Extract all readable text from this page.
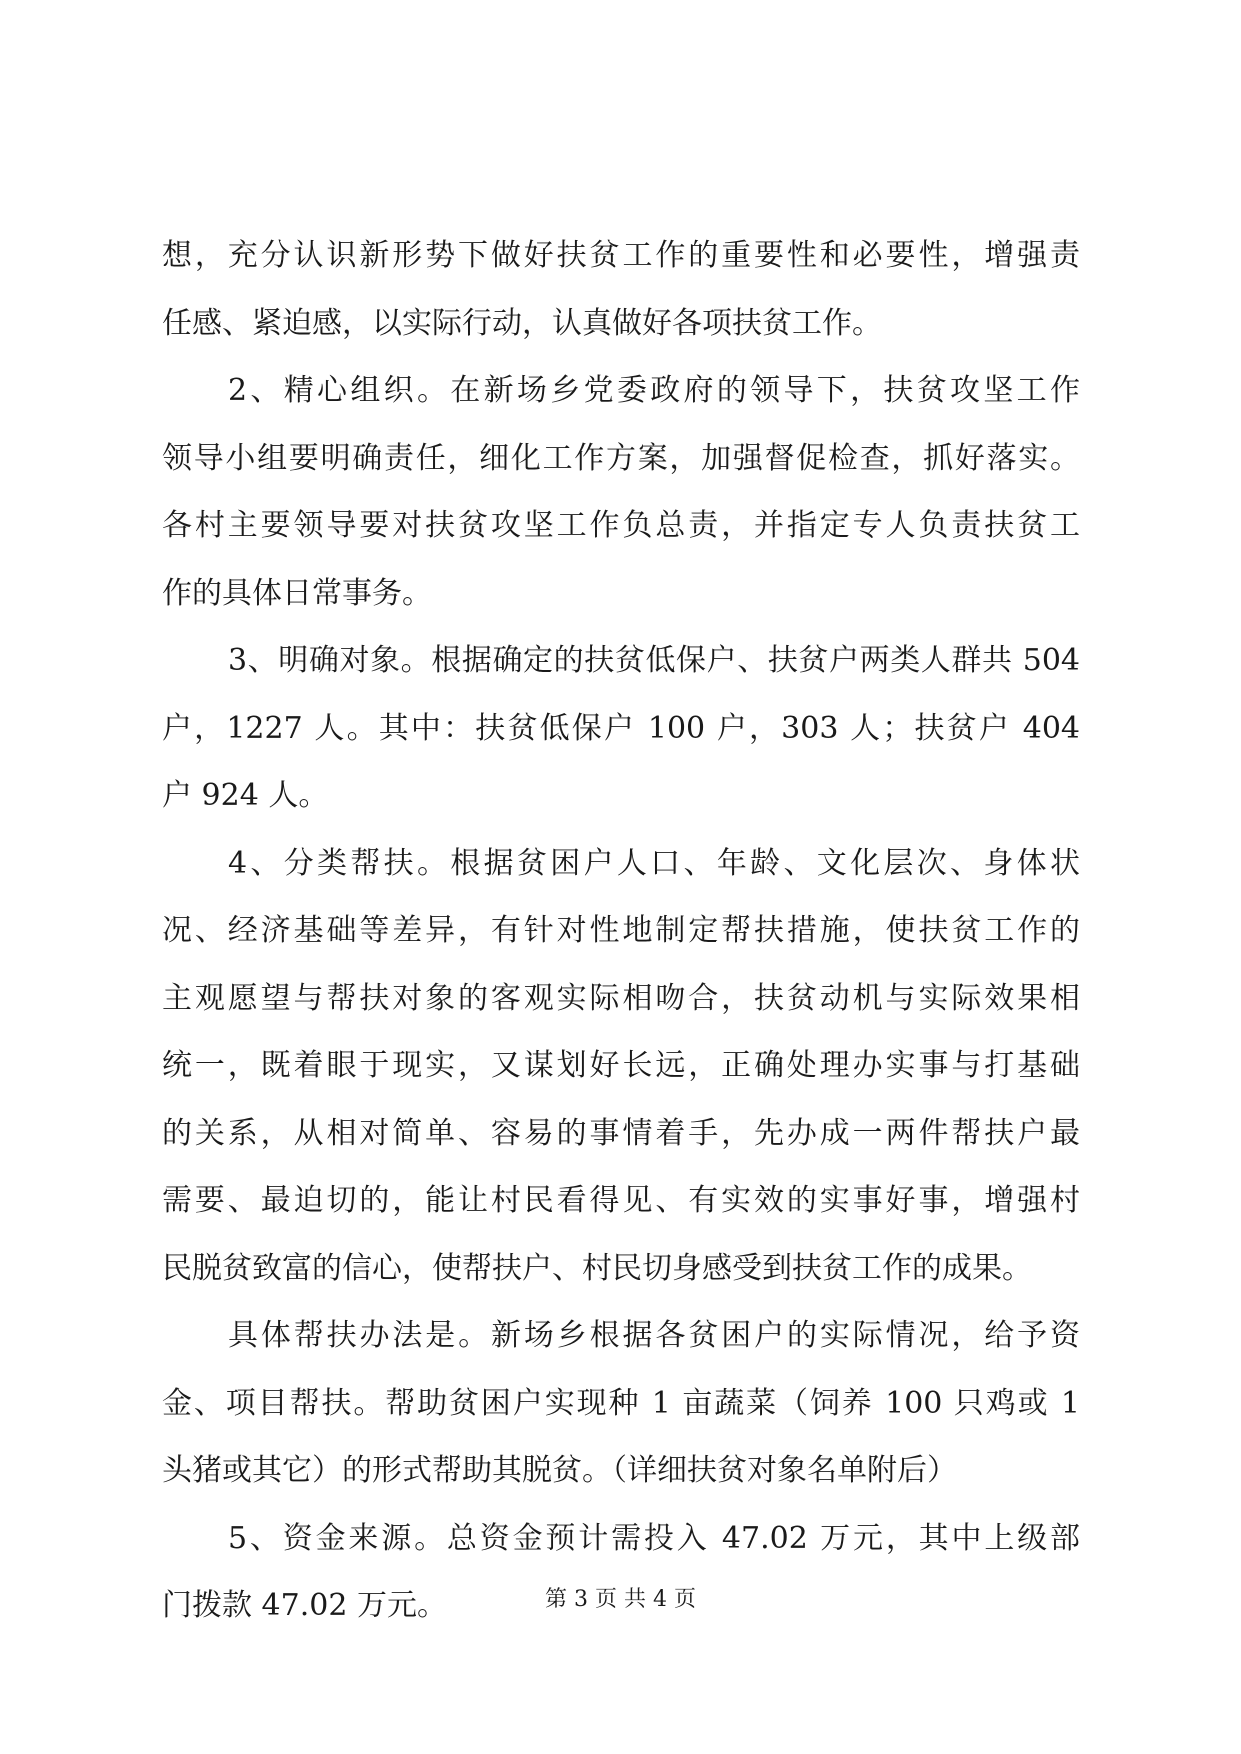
想，充分认识新形势下做好扶贫工作的重要性和必要性，增强责
任感、紧迫感，以实际行动，认真做好各项扶贫工作。
2、精心组织。在新场乡党委政府的领导下，扶贫攻坚工作
领导小组要明确责任，细化工作方案，加强督促检查，抓好落实。
各村主要领导要对扶贫攻坚工作负总责，并指定专人负责扶贫工
作的具体日常事务。
3、明确对象。根据确定的扶贫低保户、扶贫户两类人群共 504
户，1227 人。其中：扶贫低保户 100 户，303 人；扶贫户 404
户 924 人。
4、分类帮扶。根据贫困户人口、年龄、文化层次、身体状
况、经济基础等差异，有针对性地制定帮扶措施，使扶贫工作的
主观愿望与帮扶对象的客观实际相吻合，扶贫动机与实际效果相
统一，既着眼于现实，又谋划好长远，正确处理办实事与打基础
的关系，从相对简单、容易的事情着手，先办成一两件帮扶户最
需要、最迫切的，能让村民看得见、有实效的实事好事，增强村
民脱贫致富的信心，使帮扶户、村民切身感受到扶贫工作的成果。
具体帮扶办法是。新场乡根据各贫困户的实际情况，给予资
金、项目帮扶。帮助贫困户实现种 1 亩蔬菜（饲养 100 只鸡或 1
头猪或其它）的形式帮助其脱贫。（详细扶贫对象名单附后）
5、资金来源。总资金预计需投入 47.02 万元，其中上级部
门拨款 47.02 万元。	第 3 页 共 4 页
